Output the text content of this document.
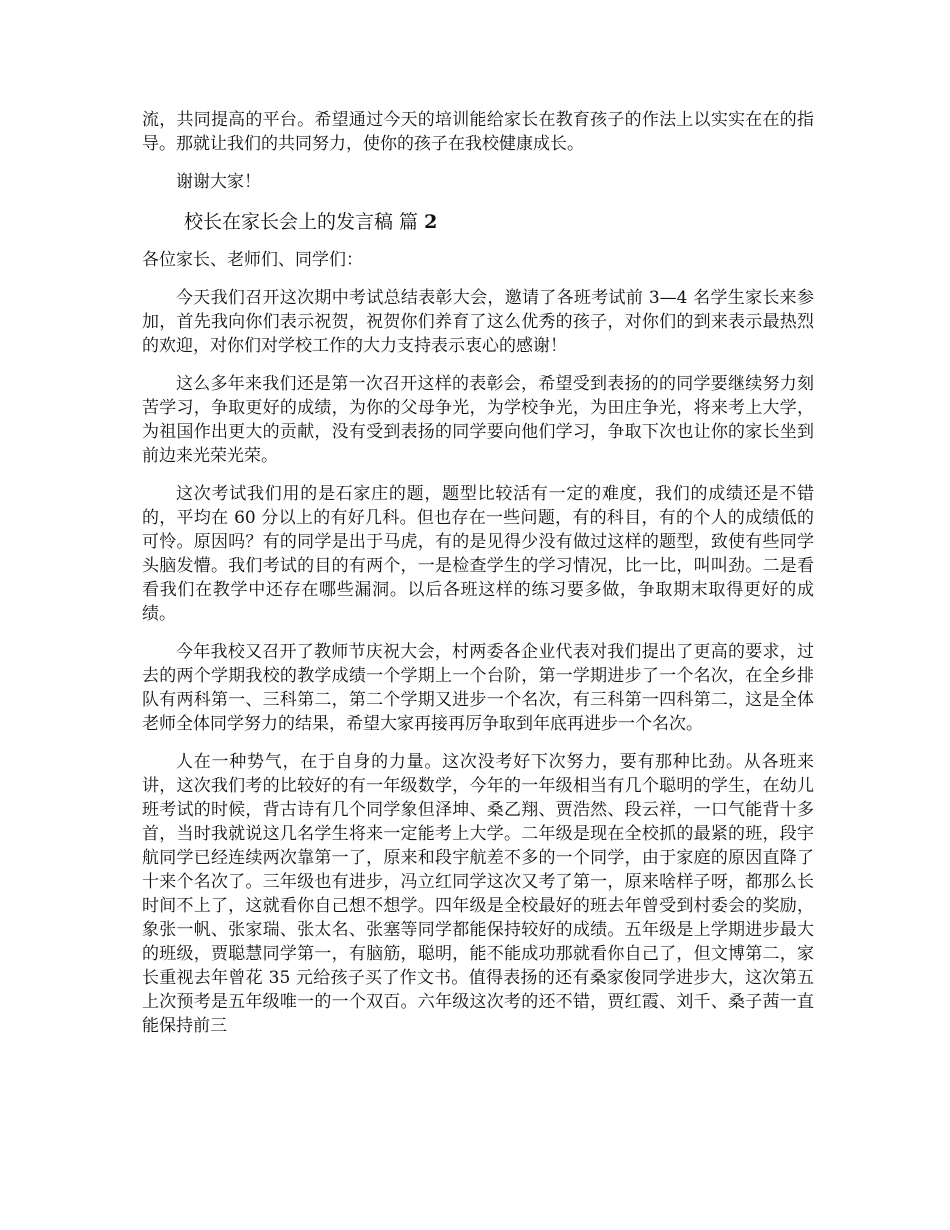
流，共同提高的平台。希望通过今天的培训能给家长在教育孩子的作法上以实实在在的指导。那就让我们的共同努力，使你的孩子在我校健康成长。

谢谢大家！

校长在家长会上的发言稿 篇 2

各位家长、老师们、同学们：

今天我们召开这次期中考试总结表彰大会，邀请了各班考试前 3—4 名学生家长来参加，首先我向你们表示祝贺，祝贺你们养育了这么优秀的孩子，对你们的到来表示最热烈的欢迎，对你们对学校工作的大力支持表示衷心的感谢！

这么多年来我们还是第一次召开这样的表彰会，希望受到表扬的的同学要继续努力刻苦学习，争取更好的成绩，为你的父母争光，为学校争光，为田庄争光，将来考上大学，为祖国作出更大的贡献，没有受到表扬的同学要向他们学习，争取下次也让你的家长坐到前边来光荣光荣。

这次考试我们用的是石家庄的题，题型比较活有一定的难度，我们的成绩还是不错的，平均在 60 分以上的有好几科。但也存在一些问题，有的科目，有的个人的成绩低的可怜。原因吗？有的同学是出于马虎，有的是见得少没有做过这样的题型，致使有些同学头脑发懵。我们考试的目的有两个，一是检查学生的学习情况，比一比，叫叫劲。二是看看我们在教学中还存在哪些漏洞。以后各班这样的练习要多做，争取期末取得更好的成绩。

今年我校又召开了教师节庆祝大会，村两委各企业代表对我们提出了更高的要求，过去的两个学期我校的教学成绩一个学期上一个台阶，第一学期进步了一个名次，在全乡排队有两科第一、三科第二，第二个学期又进步一个名次，有三科第一四科第二，这是全体老师全体同学努力的结果，希望大家再接再厉争取到年底再进步一个名次。

人在一种势气，在于自身的力量。这次没考好下次努力，要有那种比劲。从各班来讲，这次我们考的比较好的有一年级数学，今年的一年级相当有几个聪明的学生，在幼儿班考试的时候，背古诗有几个同学象但泽坤、桑乙翔、贾浩然、段云祥，一口气能背十多首，当时我就说这几名学生将来一定能考上大学。二年级是现在全校抓的最紧的班，段宇航同学已经连续两次靠第一了，原来和段宇航差不多的一个同学，由于家庭的原因直降了十来个名次了。三年级也有进步，冯立红同学这次又考了第一，原来啥样子呀，都那么长时间不上了，这就看你自己想不想学。四年级是全校最好的班去年曾受到村委会的奖励，象张一帆、张家瑞、张太名、张塞等同学都能保持较好的成绩。五年级是上学期进步最大的班级，贾聪慧同学第一，有脑筋，聪明，能不能成功那就看你自己了，但文博第二，家长重视去年曾花 35 元给孩子买了作文书。值得表扬的还有桑家俊同学进步大，这次第五上次预考是五年级唯一的一个双百。六年级这次考的还不错，贾红霞、刘千、桑子茜一直能保持前三
